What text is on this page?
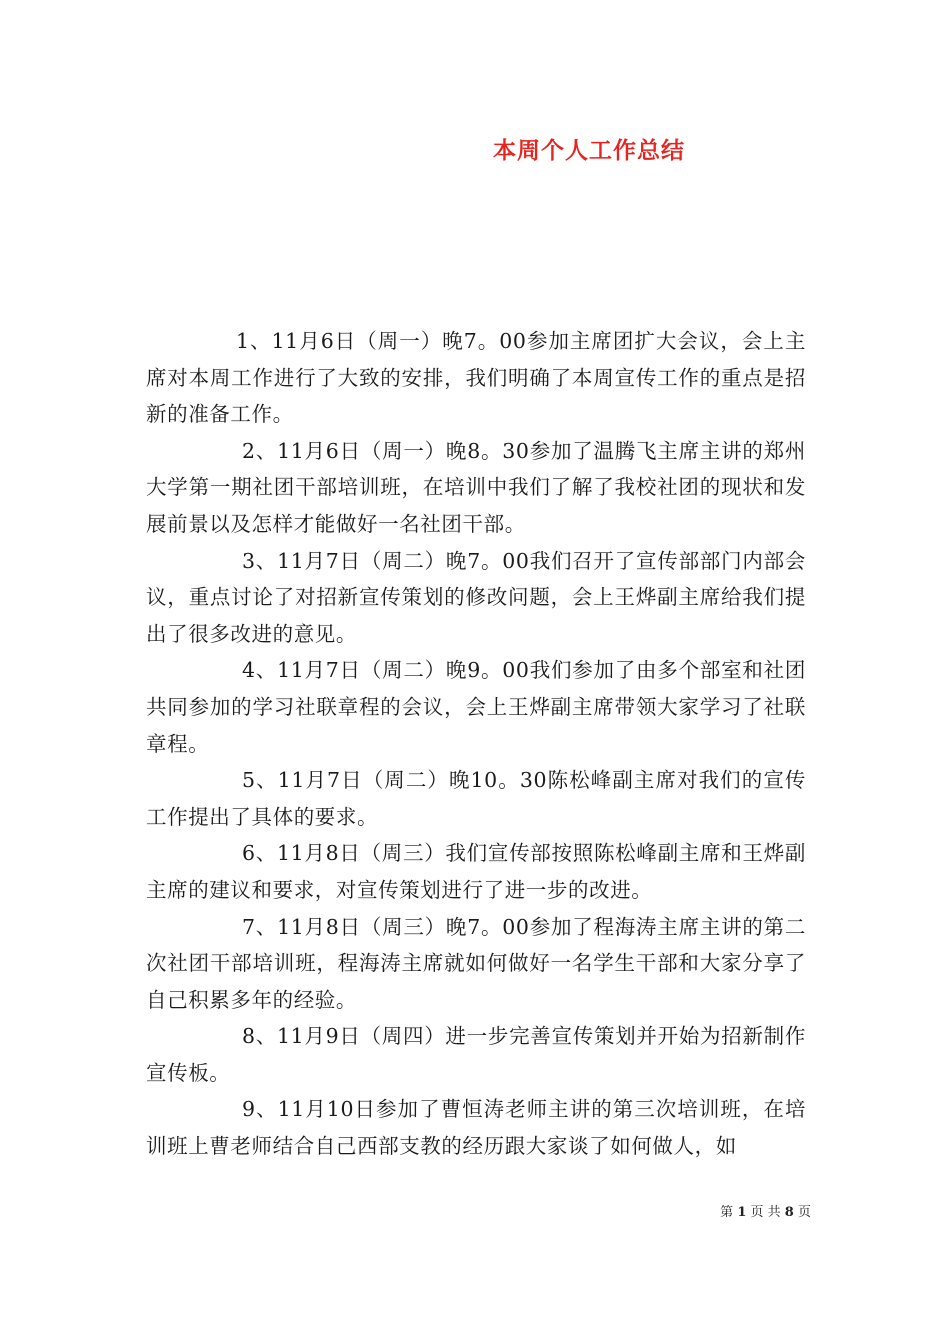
本周个人工作总结

1、11月6日（周一）晚7。00参加主席团扩大会议，会上主席对本周工作进行了大致的安排，我们明确了本周宣传工作的重点是招新的准备工作。

2、11月6日（周一）晚8。30参加了温腾飞主席主讲的郑州大学第一期社团干部培训班，在培训中我们了解了我校社团的现状和发展前景以及怎样才能做好一名社团干部。

3、11月7日（周二）晚7。00我们召开了宣传部部门内部会议，重点讨论了对招新宣传策划的修改问题，会上王烨副主席给我们提出了很多改进的意见。

4、11月7日（周二）晚9。00我们参加了由多个部室和社团共同参加的学习社联章程的会议，会上王烨副主席带领大家学习了社联章程。

5、11月7日（周二）晚10。30陈松峰副主席对我们的宣传工作提出了具体的要求。

6、11月8日（周三）我们宣传部按照陈松峰副主席和王烨副主席的建议和要求，对宣传策划进行了进一步的改进。

7、11月8日（周三）晚7。00参加了程海涛主席主讲的第二次社团干部培训班，程海涛主席就如何做好一名学生干部和大家分享了自己积累多年的经验。

8、11月9日（周四）进一步完善宣传策划并开始为招新制作宣传板。

9、11月10日参加了曹恒涛老师主讲的第三次培训班，在培训班上曹老师结合自己西部支教的经历跟大家谈了如何做人，如

第 1 页 共 8 页
